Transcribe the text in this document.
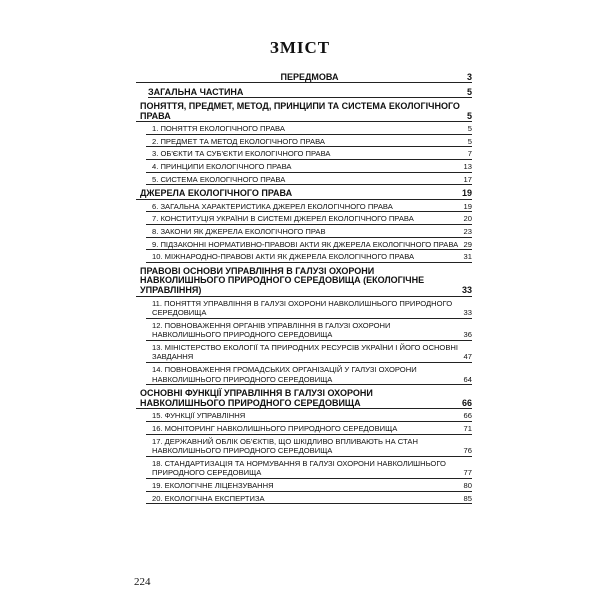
ЗМІСТ
ПЕРЕДМОВА	3
ЗАГАЛЬНА ЧАСТИНА	5
ПОНЯТТЯ, ПРЕДМЕТ, МЕТОД, ПРИНЦИПИ ТА СИСТЕМА ЕКОЛОГІЧНОГО ПРАВА	5
1. ПОНЯТТЯ ЕКОЛОГІЧНОГО ПРАВА	5
2. ПРЕДМЕТ ТА МЕТОД ЕКОЛОГІЧНОГО ПРАВА	5
3. ОБ'ЄКТИ ТА СУБ'ЄКТИ ЕКОЛОГІЧНОГО ПРАВА	7
4. ПРИНЦИПИ ЕКОЛОГІЧНОГО ПРАВА	13
5. СИСТЕМА ЕКОЛОГІЧНОГО ПРАВА	17
ДЖЕРЕЛА ЕКОЛОГІЧНОГО ПРАВА	19
6. ЗАГАЛЬНА ХАРАКТЕРИСТИКА ДЖЕРЕЛ ЕКОЛОГІЧНОГО ПРАВА	19
7. КОНСТИТУЦІЯ УКРАЇНИ В СИСТЕМІ ДЖЕРЕЛ ЕКОЛОГІЧНОГО ПРАВА	20
8. ЗАКОНИ ЯК ДЖЕРЕЛА ЕКОЛОГІЧНОГО ПРАВ	23
9. ПІДЗАКОННІ НОРМАТИВНО-ПРАВОВІ АКТИ ЯК ДЖЕРЕЛА ЕКОЛОГІЧНОГО ПРАВА 29
10. МІЖНАРОДНО-ПРАВОВІ АКТИ ЯК ДЖЕРЕЛА ЕКОЛОГІЧНОГО ПРАВА	31
ПРАВОВІ ОСНОВИ УПРАВЛІННЯ В ГАЛУЗІ ОХОРОНИ НАВКОЛИШНЬОГО ПРИРОДНОГО СЕРЕДОВИЩА (ЕКОЛОГІЧНЕ УПРАВЛІННЯ)	33
11. ПОНЯТТЯ УПРАВЛІННЯ В ГАЛУЗІ ОХОРОНИ НАВКОЛИШНЬОГО ПРИРОДНОГО СЕРЕДОВИЩА	33
12. ПОВНОВАЖЕННЯ ОРГАНІВ УПРАВЛІННЯ В ГАЛУЗІ ОХОРОНИ НАВКОЛИШНЬОГО ПРИРОДНОГО СЕРЕДОВИЩА	36
13. МІНІСТЕРСТВО ЕКОЛОГІЇ ТА ПРИРОДНИХ РЕСУРСІВ УКРАЇНИ І ЙОГО ОСНОВНІ ЗАВДАННЯ	47
14. ПОВНОВАЖЕННЯ ГРОМАДСЬКИХ ОРГАНІЗАЦІЙ У ГАЛУЗІ ОХОРОНИ НАВКОЛИШНЬОГО ПРИРОДНОГО СЕРЕДОВИЩА	64
ОСНОВНІ ФУНКЦІЇ УПРАВЛІННЯ В ГАЛУЗІ ОХОРОНИ НАВКОЛИШНЬОГО ПРИРОДНОГО СЕРЕДОВИЩА	66
15. ФУНКЦІЇ УПРАВЛІННЯ	66
16. МОНІТОРИНГ НАВКОЛИШНЬОГО ПРИРОДНОГО СЕРЕДОВИЩА	71
17. ДЕРЖАВНИЙ ОБЛІК ОБ'ЄКТІВ, ЩО ШКІДЛИВО ВПЛИВАЮТЬ НА СТАН НАВКОЛИШНЬОГО ПРИРОДНОГО СЕРЕДОВИЩА	76
18. СТАНДАРТИЗАЦІЯ ТА НОРМУВАННЯ В ГАЛУЗІ ОХОРОНИ НАВКОЛИШНЬОГО ПРИРОДНОГО СЕРЕДОВИЩА	77
19. ЕКОЛОГІЧНЕ ЛІЦЕНЗУВАННЯ	80
20. ЕКОЛОГІЧНА ЕКСПЕРТИЗА	85
224
